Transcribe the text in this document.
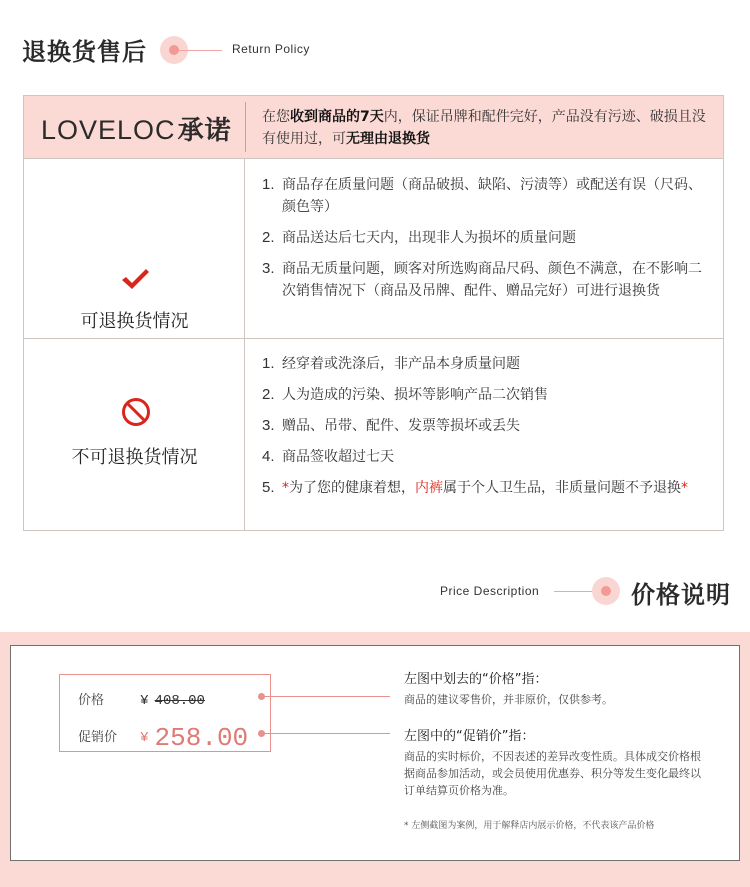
退换货售后	Return Policy
LOVELOC承诺 在您收到商品的7天内，保证吊牌和配件完好，产品没有污迹、破损且没有使用过，可无理由退换货
可退换货情况
1. 商品存在质量问题（商品破损、缺陷、污渍等）或配送有误（尺码、颜色等）
2. 商品送达后七天内，出现非人为损坏的质量问题
3. 商品无质量问题，顾客对所选购商品尺码、颜色不满意，在不影响二次销售情况下（商品及吊牌、配件、赠品完好）可进行退换货
不可退换货情况
1. 经穿着或洗涤后，非产品本身质量问题
2. 人为造成的污染、损坏等影响产品二次销售
3. 赠品、吊带、配件、发票等损坏或丢失
4. 商品签收超过七天
5. *为了您的健康着想，内裤属于个人卫生品，非质量问题不予退换*
Price Description	价格说明
价格	¥ 408.00
促销价 ¥ 258.00
左图中划去的“价格”指：
商品的建议零售价，并非原价，仅供参考。
左图中的“促销价”指：
商品的实时标价，不因表述的差异改变性质。具体成交价格根据商品参加活动，或会员使用优惠券、积分等发生变化最终以订单结算页价格为准。
* 左侧截图为案例，用于解释店内展示价格，不代表该产品价格
